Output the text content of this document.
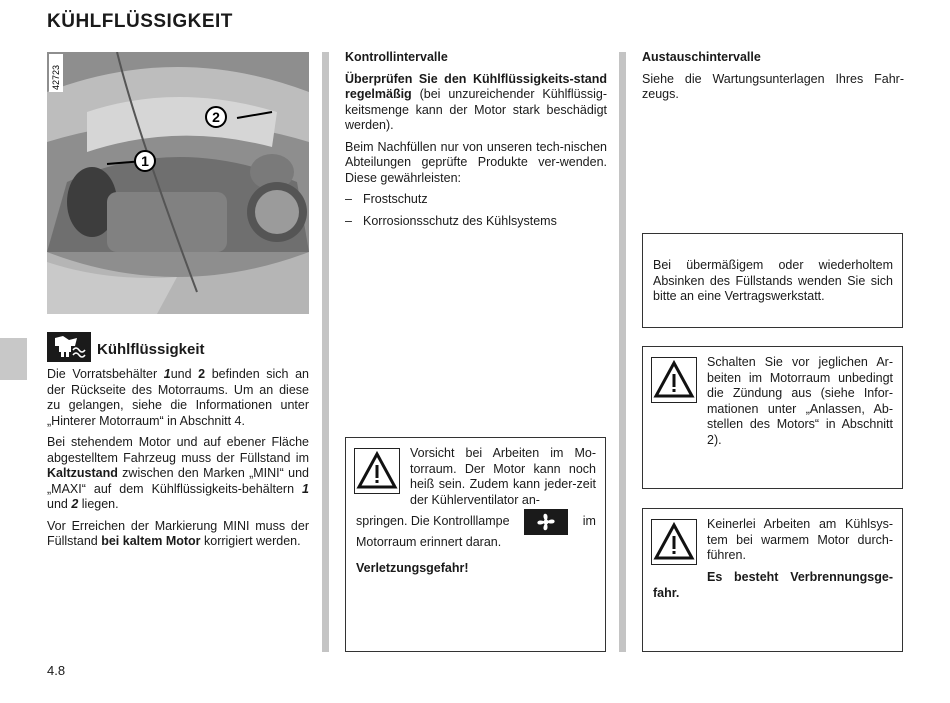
KÜHLFLÜSSIGKEIT
2
1
42723
Kühlflüssigkeit

Die Vorratsbehälter 1und 2 befinden sich an der Rückseite des Motorraums. Um an diese zu gelangen, siehe die Informationen unter „Hinterer Motorraum“ in Abschnitt 4.

Bei stehendem Motor und auf ebener Fläche abgestelltem Fahrzeug muss der Füllstand im Kaltzustand zwischen den Marken „MINI“ und „MAXI“ auf dem Kühlflüssigkeits-behältern 1 und 2 liegen.

Vor Erreichen der Markierung MINI muss der Füllstand bei kaltem Motor korrigiert werden.

Kontrollintervalle

Überprüfen Sie den Kühlflüssigkeits-stand regelmäßig (bei unzureichender Kühlflüssig-keitsmenge kann der Motor stark beschädigt werden).

Beim Nachfüllen nur von unseren tech-nischen Abteilungen geprüfte Produkte ver-wenden. Diese gewährleisten:

– Frostschutz
– Korrosionsschutz des Kühlsystems

Vorsicht bei Arbeiten im Mo-torraum. Der Motor kann noch heiß sein. Zudem kann jeder-zeit der Kühlerventilator an-

springen. Die Kontrolllampe	im

Motorraum erinnert daran.

Verletzungsgefahr!

Austauschintervalle

Siehe die Wartungsunterlagen Ihres Fahr-zeugs.

Bei übermäßigem oder wiederholtem Absinken des Füllstands wenden Sie sich bitte an eine Vertragswerkstatt.

Schalten Sie vor jeglichen Ar-beiten im Motorraum unbedingt die Zündung aus (siehe Infor-mationen unter „Anlassen, Ab-stellen des Motors“ in Abschnitt 2).

Keinerlei Arbeiten am Kühlsys-tem bei warmem Motor durch-führen.

Es besteht Verbrennungsge-fahr.

4.8
